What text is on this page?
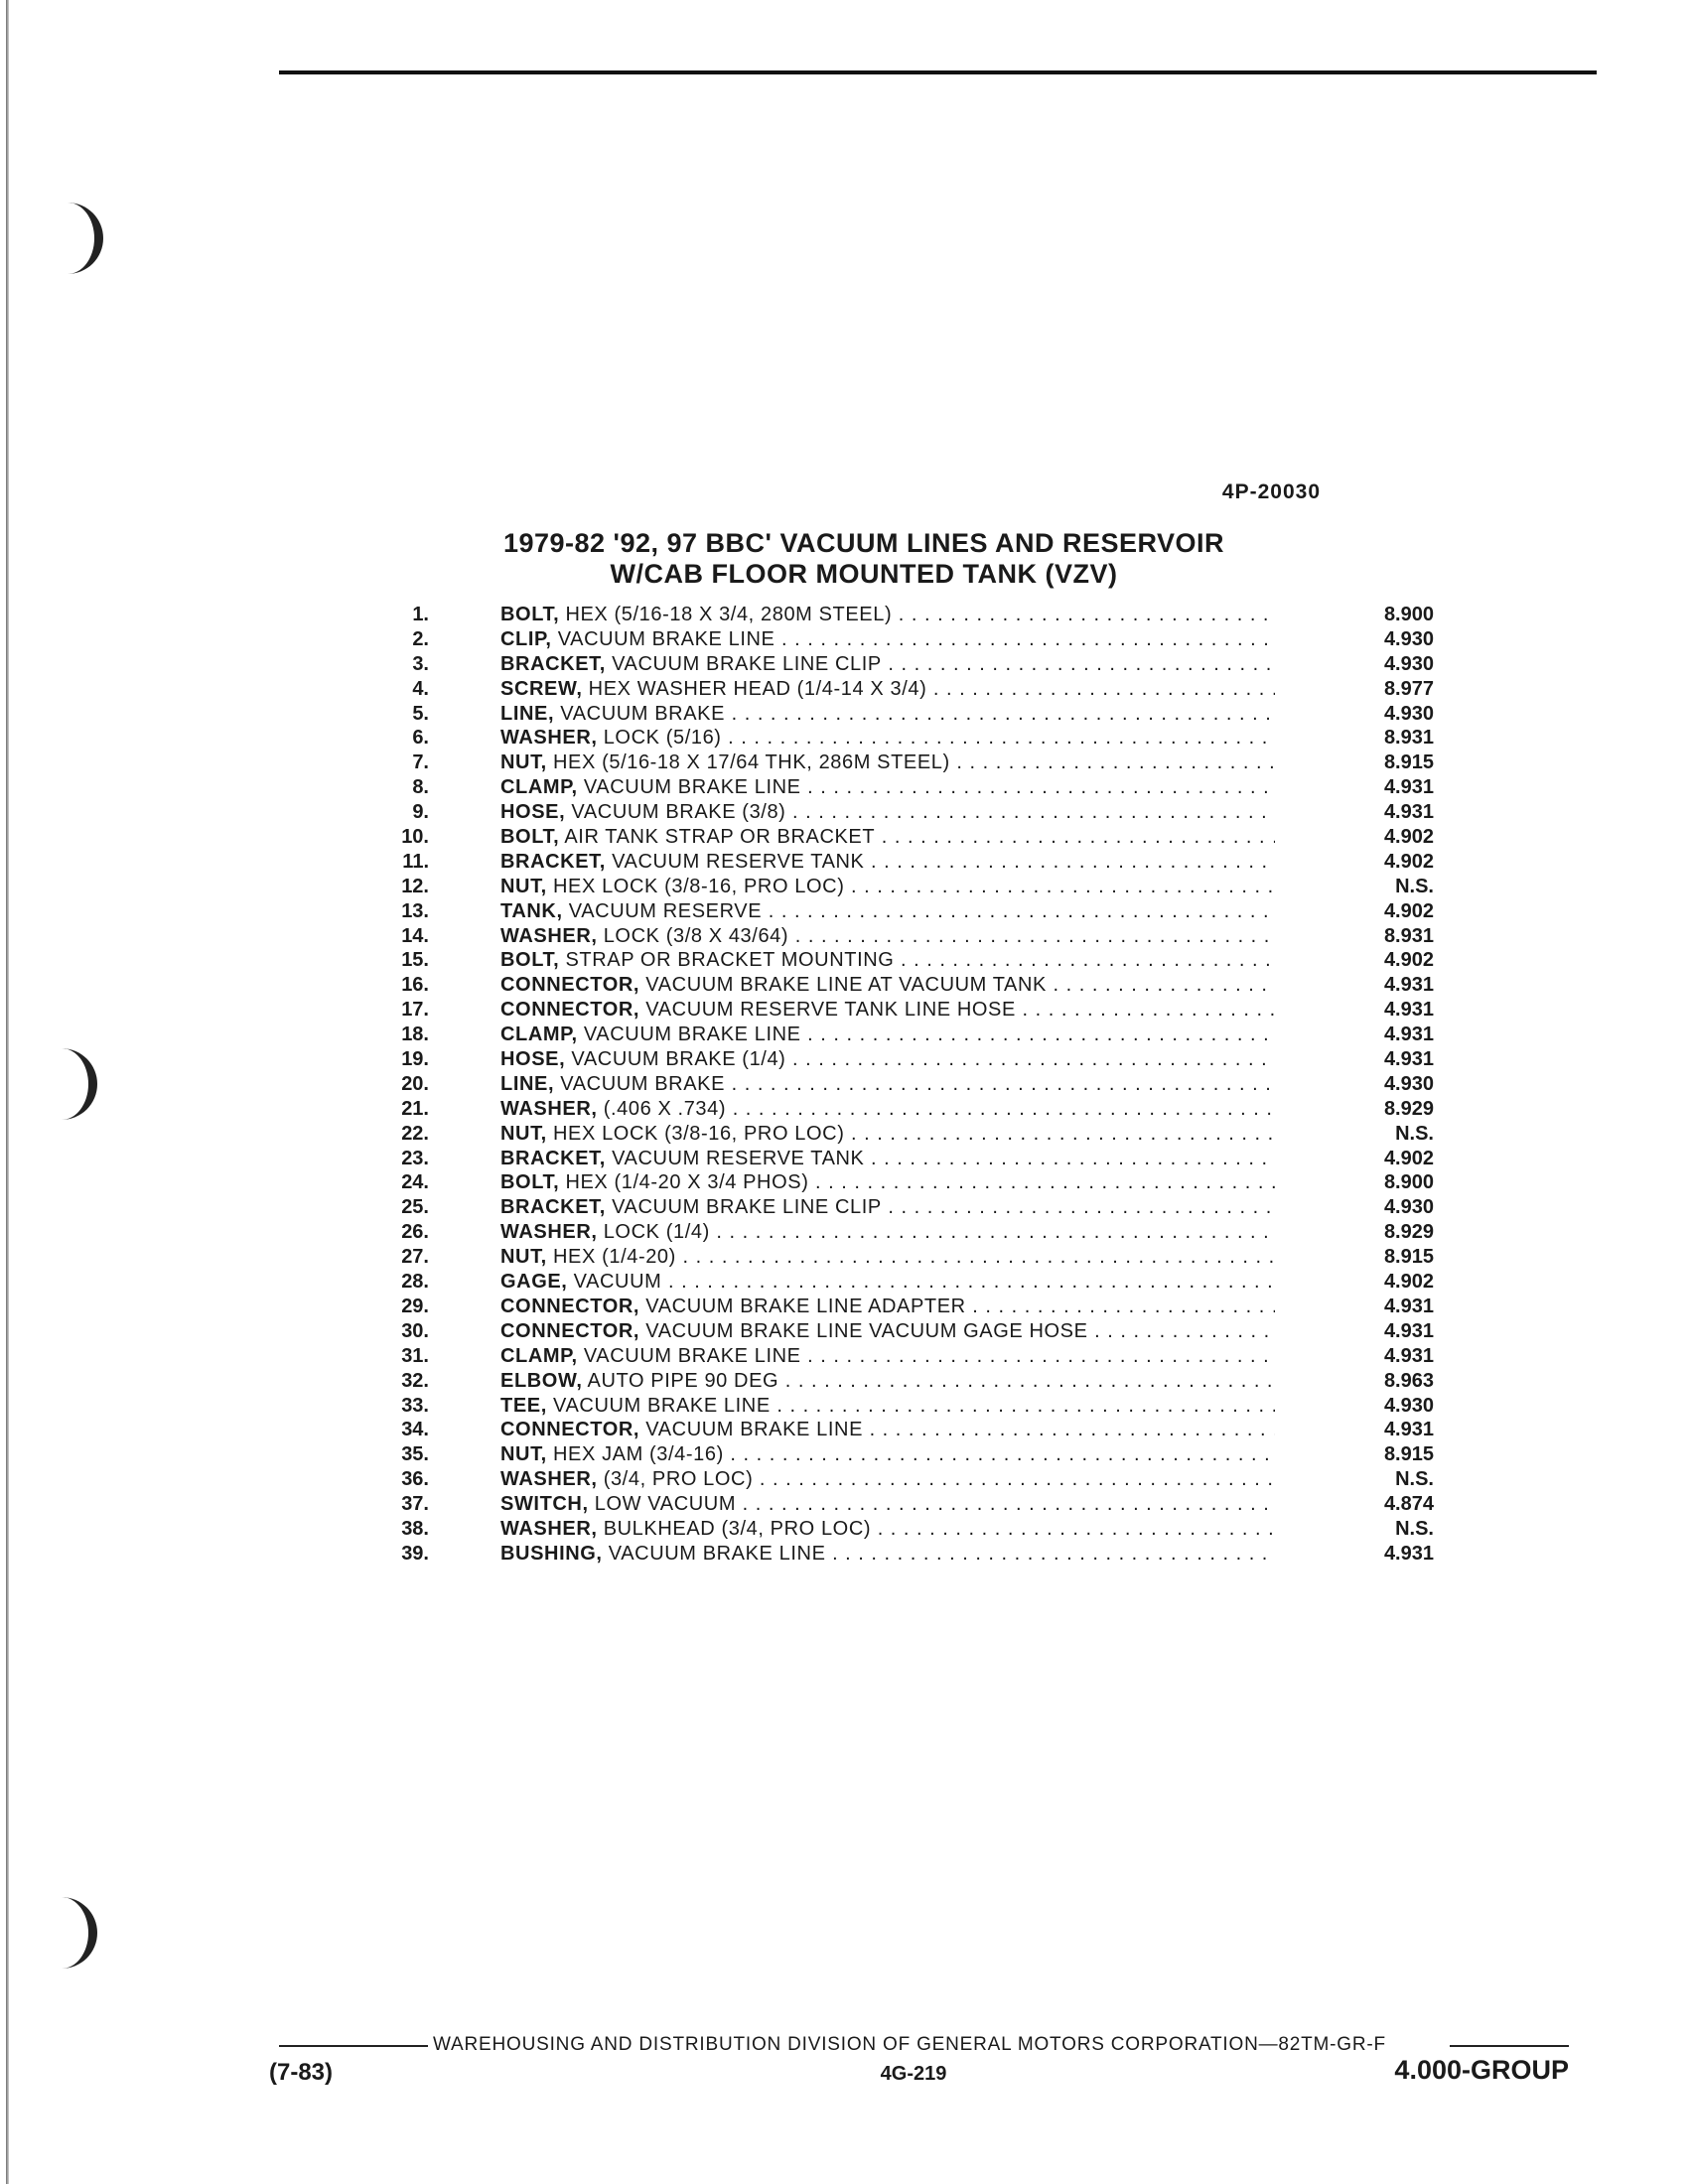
4P-20030
1979-82 '92, 97 BBC' VACUUM LINES AND RESERVOIR
W/CAB FLOOR MOUNTED TANK (VZV)
1.	BOLT, HEX (5/16-18 X 3/4, 280M STEEL) . . .	8.900
2.	CLIP, VACUUM BRAKE LINE . . .	4.930
3.	BRACKET, VACUUM BRAKE LINE CLIP . . .	4.930
4.	SCREW, HEX WASHER HEAD (1/4-14 X 3/4) . . .	8.977
5.	LINE, VACUUM BRAKE . . .	4.930
6.	WASHER, LOCK (5/16) . . .	8.931
7.	NUT, HEX (5/16-18 X 17/64 THK, 286M STEEL) . . .	8.915
8.	CLAMP, VACUUM BRAKE LINE . . .	4.931
9.	HOSE, VACUUM BRAKE (3/8) . . .	4.931
10.	BOLT, AIR TANK STRAP OR BRACKET . . .	4.902
11.	BRACKET, VACUUM RESERVE TANK . . .	4.902
12.	NUT, HEX LOCK (3/8-16, PRO LOC) . . .	N.S.
13.	TANK, VACUUM RESERVE . . .	4.902
14.	WASHER, LOCK (3/8 X 43/64) . . .	8.931
15.	BOLT, STRAP OR BRACKET MOUNTING . . .	4.902
16.	CONNECTOR, VACUUM BRAKE LINE AT VACUUM TANK . . .	4.931
17.	CONNECTOR, VACUUM RESERVE TANK LINE HOSE . . .	4.931
18.	CLAMP, VACUUM BRAKE LINE . . .	4.931
19.	HOSE, VACUUM BRAKE (1/4) . . .	4.931
20.	LINE, VACUUM BRAKE . . .	4.930
21.	WASHER, (.406 X .734) . . .	8.929
22.	NUT, HEX LOCK (3/8-16, PRO LOC) . . .	N.S.
23.	BRACKET, VACUUM RESERVE TANK . . .	4.902
24.	BOLT, HEX (1/4-20 X 3/4 PHOS) . . .	8.900
25.	BRACKET, VACUUM BRAKE LINE CLIP . . .	4.930
26.	WASHER, LOCK (1/4) . . .	8.929
27.	NUT, HEX (1/4-20) . . .	8.915
28.	GAGE, VACUUM . . .	4.902
29.	CONNECTOR, VACUUM BRAKE LINE ADAPTER . . .	4.931
30.	CONNECTOR, VACUUM BRAKE LINE VACUUM GAGE HOSE . . .	4.931
31.	CLAMP, VACUUM BRAKE LINE . . .	4.931
32.	ELBOW, AUTO PIPE 90 DEG . . .	8.963
33.	TEE, VACUUM BRAKE LINE . . .	4.930
34.	CONNECTOR, VACUUM BRAKE LINE . . .	4.931
35.	NUT, HEX JAM (3/4-16) . . .	8.915
36.	WASHER, (3/4, PRO LOC) . . .	N.S.
37.	SWITCH, LOW VACUUM . . .	4.874
38.	WASHER, BULKHEAD (3/4, PRO LOC) . . .	N.S.
39.	BUSHING, VACUUM BRAKE LINE . . .	4.931
WAREHOUSING AND DISTRIBUTION DIVISION OF GENERAL MOTORS CORPORATION—82TM-GR-F
(7-83)	4G-219	4.000-GROUP
